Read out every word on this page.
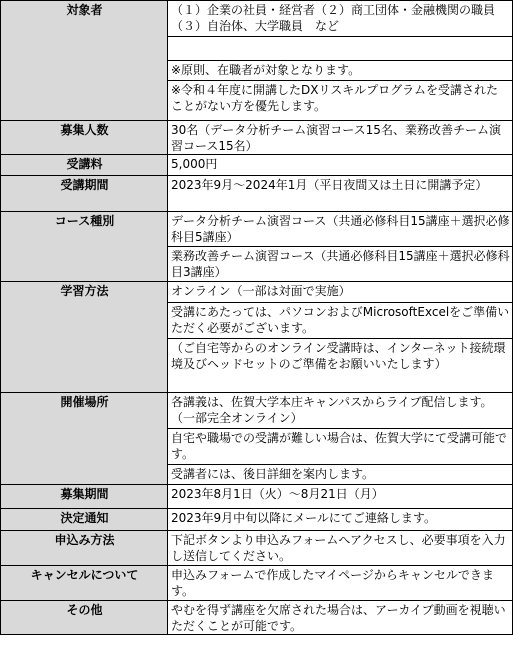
対象者	（１）企業の社員・経営者（２）商工団体・金融機関の職員（３）自治体、大学職員　など

	※原則、在職者が対象となります。
	※令和４年度に開講したDXリスキルプログラムを受講されたことがない方を優先します。
募集人数	30名（データ分析チーム演習コース15名、業務改善チーム演習コース15名）
受講料	5,000円
受講期間	2023年9月～2024年1月（平日夜間又は土日に開講予定）
コース種別	データ分析チーム演習コース（共通必修科目15講座＋選択必修科目5講座）
	業務改善チーム演習コース（共通必修科目15講座＋選択必修科目3講座）
学習方法	オンライン（一部は対面で実施）
	受講にあたっては、パソコンおよびMicrosoftExcelをご準備いただく必要がございます。
	（ご自宅等からのオンライン受講時は、インターネット接続環境及びヘッドセットのご準備をお願いいたします）
開催場所	各講義は、佐賀大学本庄キャンパスからライブ配信します。（一部完全オンライン）
	自宅や職場での受講が難しい場合は、佐賀大学にて受講可能です。
	受講者には、後日詳細を案内します。
募集期間	2023年8月1日（火）～8月21日（月）
決定通知	2023年9月中旬以降にメールにてご連絡します。
申込み方法	下記ボタンより申込みフォームへアクセスし、必要事項を入力し送信してください。
キャンセルについて	申込みフォームで作成したマイページからキャンセルできます。
その他	やむを得ず講座を欠席された場合は、アーカイブ動画を視聴いただくことが可能です。
